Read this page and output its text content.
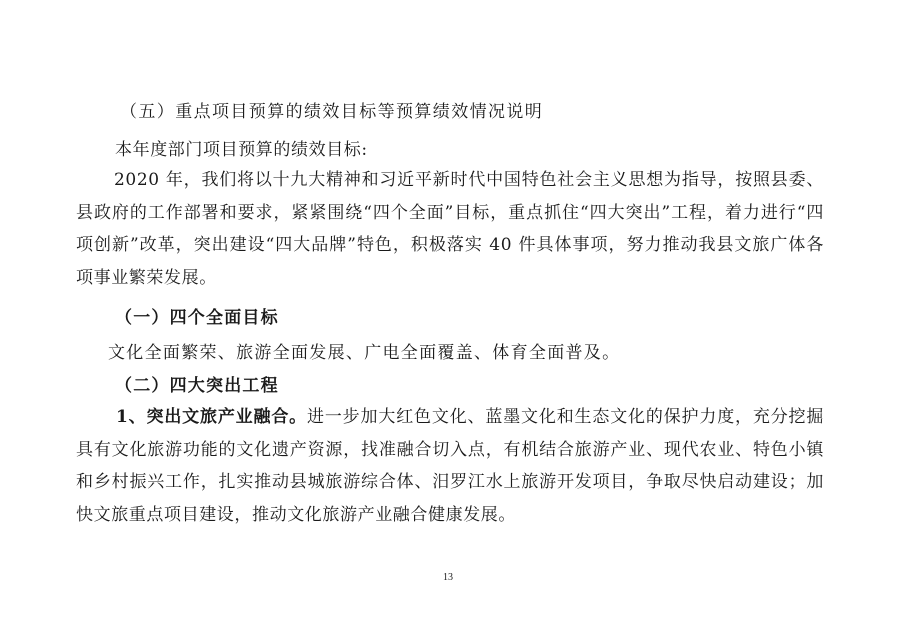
（五）重点项目预算的绩效目标等预算绩效情况说明
本年度部门项目预算的绩效目标:
2020 年，我们将以十九大精神和习近平新时代中国特色社会主义思想为指导，按照县委、县政府的工作部署和要求，紧紧围绕“四个全面”目标，重点抓住“四大突出”工程，着力进行“四项创新”改革，突出建设“四大品牌”特色，积极落实 40 件具体事项，努力推动我县文旅广体各项事业繁荣发展。
（一）四个全面目标
文化全面繁荣、旅游全面发展、广电全面覆盖、体育全面普及。
（二）四大突出工程
1、突出文旅产业融合。进一步加大红色文化、蓝墨文化和生态文化的保护力度，充分挖掘具有文化旅游功能的文化遗产资源，找准融合切入点，有机结合旅游产业、现代农业、特色小镇和乡村振兴工作，扎实推动县城旅游综合体、汨罗江水上旅游开发项目，争取尽快启动建设；加快文旅重点项目建设，推动文化旅游产业融合健康发展。
13
